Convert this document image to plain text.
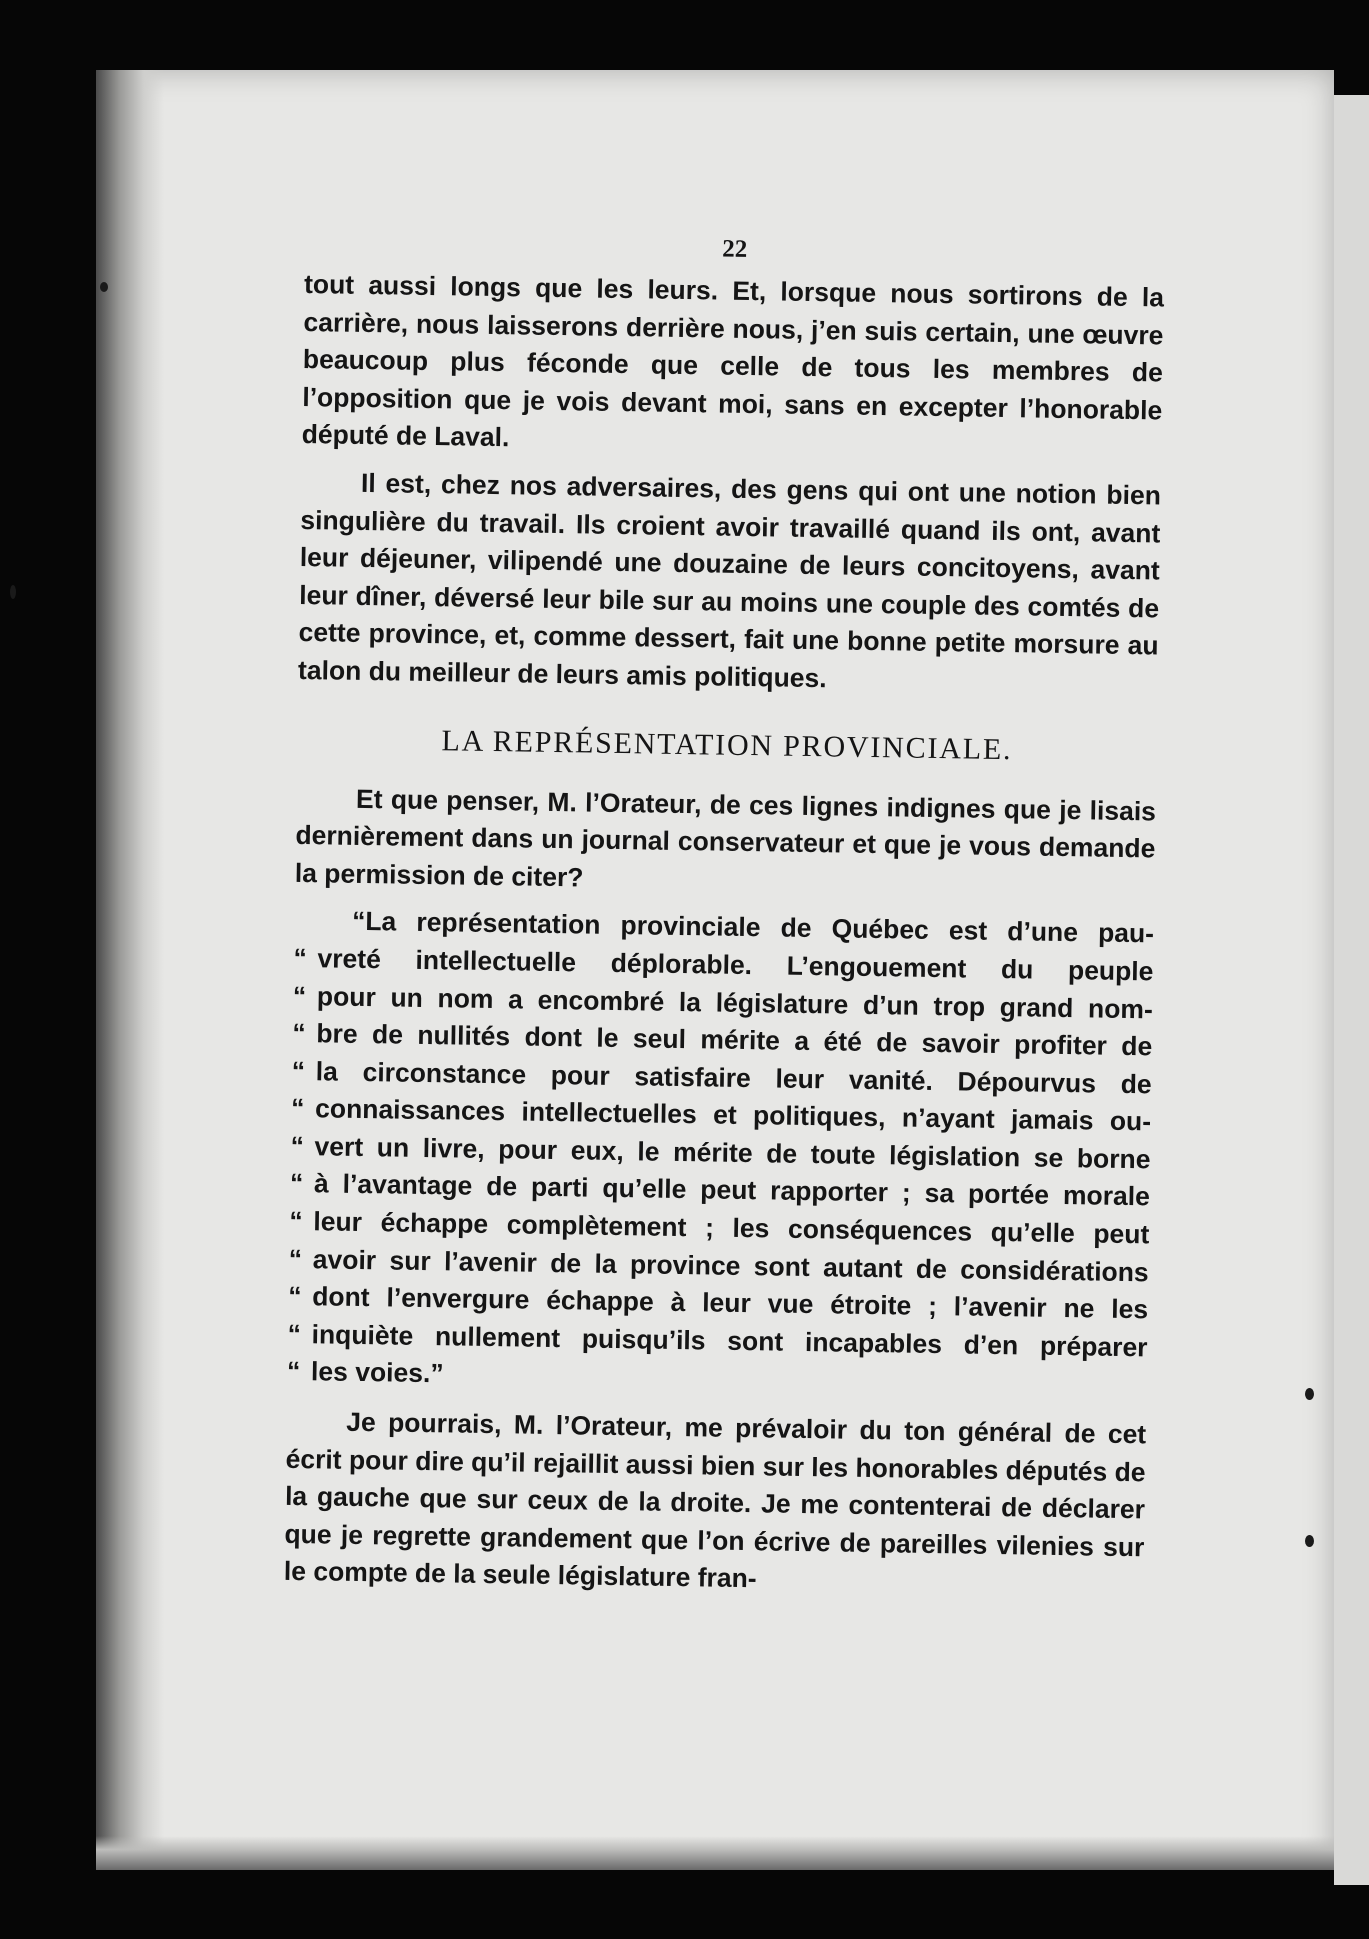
22

tout aussi longs que les leurs. Et, lorsque nous sortirons de la carrière, nous laisserons derrière nous, j’en suis certain, une œuvre beaucoup plus féconde que celle de tous les membres de l’opposition que je vois devant moi, sans en excepter l’honorable député de Laval.

Il est, chez nos adversaires, des gens qui ont une notion bien singulière du travail. Ils croient avoir travaillé quand ils ont, avant leur déjeuner, vilipendé une douzaine de leurs concitoyens, avant leur dîner, déversé leur bile sur au moins une couple des comtés de cette province, et, comme dessert, fait une bonne petite morsure au talon du meilleur de leurs amis politiques.

LA REPRÉSENTATION PROVINCIALE.

Et que penser, M. l’Orateur, de ces lignes indignes que je lisais dernièrement dans un journal conservateur et que je vous demande la permission de citer?

“La représentation provinciale de Québec est d’une pau-
“ vreté intellectuelle déplorable. L’engouement du peuple
“ pour un nom a encombré la législature d’un trop grand nom-
“ bre de nullités dont le seul mérite a été de savoir profiter de
“ la circonstance pour satisfaire leur vanité. Dépourvus de
“ connaissances intellectuelles et politiques, n’ayant jamais ou-
“ vert un livre, pour eux, le mérite de toute législation se borne
“ à l’avantage de parti qu’elle peut rapporter ; sa portée morale
“ leur échappe complètement ; les conséquences qu’elle peut
“ avoir sur l’avenir de la province sont autant de considérations
“ dont l’envergure échappe à leur vue étroite ; l’avenir ne les
“ inquiète nullement puisqu’ils sont incapables d’en préparer
“ les voies.”

Je pourrais, M. l’Orateur, me prévaloir du ton général de cet écrit pour dire qu’il rejaillit aussi bien sur les honorables députés de la gauche que sur ceux de la droite. Je me contenterai de déclarer que je regrette grandement que l’on écrive de pareilles vilenies sur le compte de la seule législature fran-
